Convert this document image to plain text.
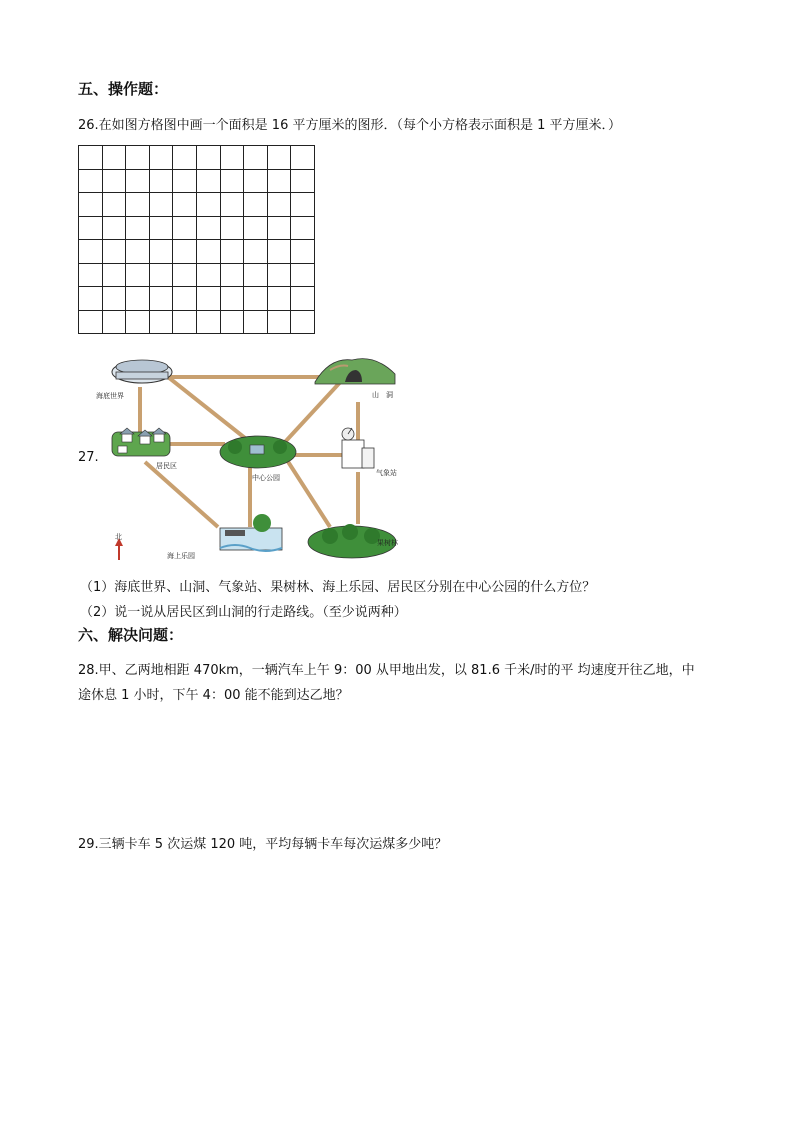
五、操作题：
26.在如图方格图中画一个面积是 16 平方厘米的图形．（每个小方格表示面积是 1 平方厘米．）
27.
海底世界	山　洞
居民区
中心公园
气象站
果树林
海上乐园
北
（1）海底世界、山洞、气象站、果树林、海上乐园、居民区分别在中心公园的什么方位？
（2）说一说从居民区到山洞的行走路线。（至少说两种）
六、解决问题：
28.甲、乙两地相距 470km，一辆汽车上午 9：00 从甲地出发，以 81.6 千米/时的平 均速度开往乙地，中
途休息 1 小时，下午 4：00 能不能到达乙地？
29.三辆卡车 5 次运煤 120 吨，平均每辆卡车每次运煤多少吨？
